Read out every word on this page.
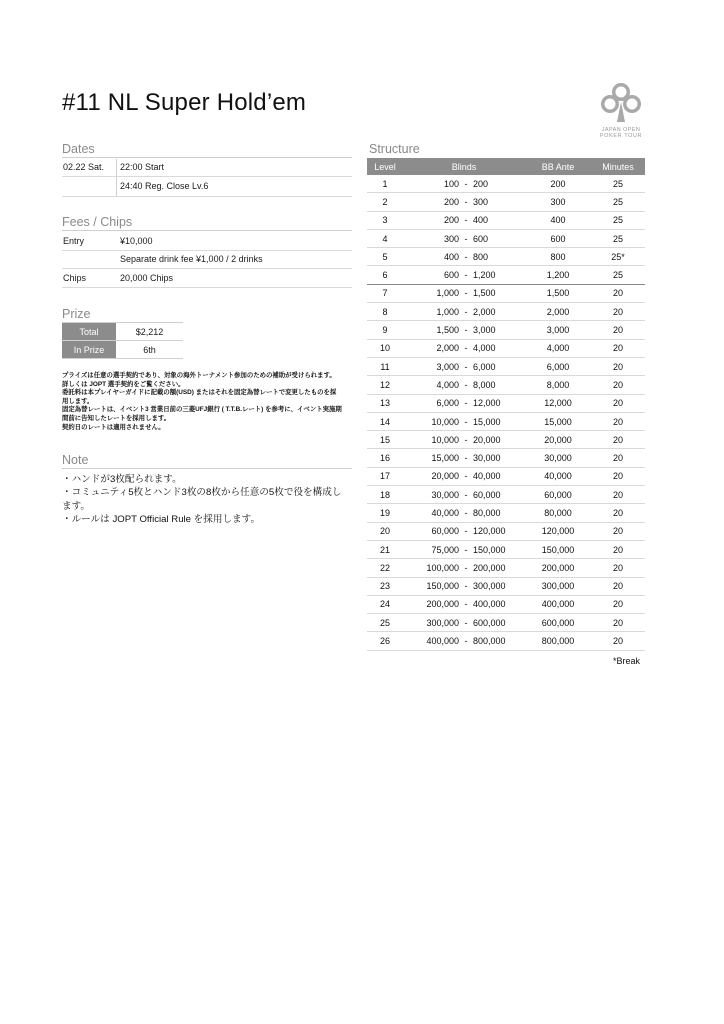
#11 NL Super Hold’em
JAPAN OPEN
POKER TOUR
Dates
02.22 Sat. 22:00 Start
24:40 Reg. Close Lv.6
Fees / Chips
Entry	¥10,000
Separate drink fee ¥1,000 / 2 drinks
Chips	20,000 Chips
Prize
Total	$2,212
In Prize	6th

プライズは任意の選手契約であり、対象の海外トーナメント参加のための補助が受けられます。詳しくは JOPT 選手契約をご覧ください。

委託料は本プレイヤーガイドに記載の額(USD) またはそれを固定為替レートで変更したものを採用します。

固定為替レートは、イベント3 営業日前の三菱UFJ銀行 ( T.T.B.レート) を参考に、イベント実施期間前に告知したレートを採用します。

契約日のレートは適用されません。

Note

・ハンドが3枚配られます。

・コミュニティ5枚とハンド3枚の8枚から任意の5枚で役を構成します。

・ルールは JOPT Official Rule を採用します。

Structure
Level	Blinds			BB Ante	Minutes
1	100	-	200	200	25
2	200	-	300	300	25
3	200	-	400	400	25
4	300	-	600	600	25
5	400	-	800	800	25*
6	600	-	1,200	1,200	25
7	1,000	-	1,500	1,500	20
8	1,000	-	2,000	2,000	20
9	1,500	-	3,000	3,000	20
10	2,000	-	4,000	4,000	20
11	3,000	-	6,000	6,000	20
12	4,000	-	8,000	8,000	20
13	6,000	-	12,000	12,000	20
14	10,000	-	15,000	15,000	20
15	10,000	-	20,000	20,000	20
16	15,000	-	30,000	30,000	20
17	20,000	-	40,000	40,000	20
18	30,000	-	60,000	60,000	20
19	40,000	-	80,000	80,000	20
20	60,000	-	120,000	120,000	20
21	75,000	-	150,000	150,000	20
22	100,000	-	200,000	200,000	20
23	150,000	-	300,000	300,000	20
24	200,000	-	400,000	400,000	20
25	300,000	-	600,000	600,000	20
26	400,000	-	800,000	800,000	20
*Break
